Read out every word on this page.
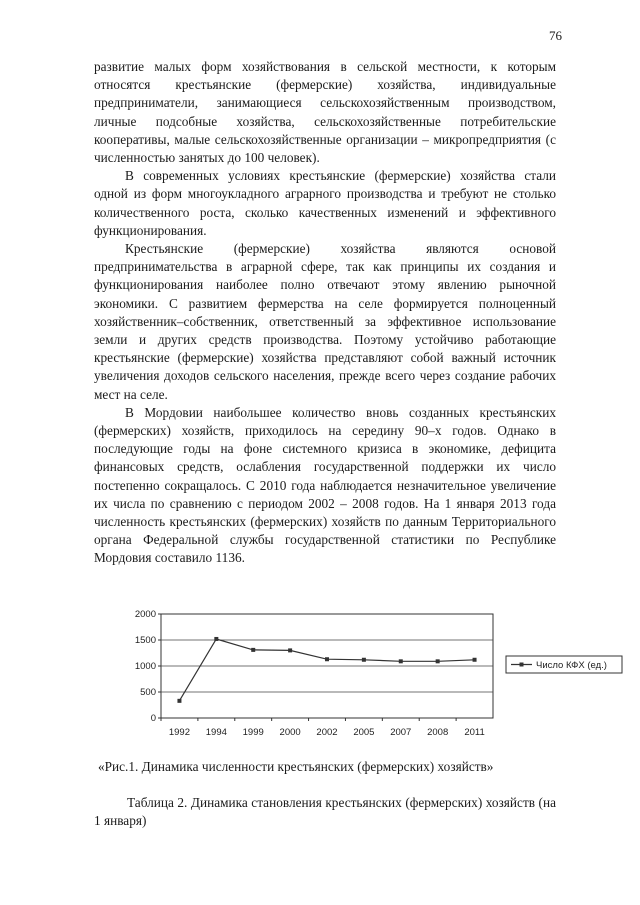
76

развитие малых форм хозяйствования в сельской местности, к которым относятся крестьянские (фермерские) хозяйства, индивидуальные предприниматели, занимающиеся сельскохозяйственным производством, личные подсобные хозяйства, сельскохозяйственные потребительские кооперативы, малые сельскохозяйственные организации – микропредприятия (с численностью занятых до 100 человек).

В современных условиях крестьянские (фермерские) хозяйства стали одной из форм многоукладного аграрного производства и требуют не столько количественного роста, сколько качественных изменений и эффективного функционирования.

Крестьянские (фермерские) хозяйства являются основой предпринимательства в аграрной сфере, так как принципы их создания и функционирования наиболее полно отвечают этому явлению рыночной экономики. С развитием фермерства на селе формируется полноценный хозяйственник–собственник, ответственный за эффективное использование земли и других средств производства. Поэтому устойчиво работающие крестьянские (фермерские) хозяйства представляют собой важный источник увеличения доходов сельского населения, прежде всего через создание рабочих мест на селе.

В Мордовии наибольшее количество вновь созданных крестьянских (фермерских) хозяйств, приходилось на середину 90–х годов. Однако в последующие годы на фоне системного кризиса в экономике, дефицита финансовых средств, ослабления государственной поддержки их число постепенно сокращалось. С 2010 года наблюдается незначительное увеличение их числа по сравнению с периодом 2002 – 2008 годов. На 1 января 2013 года численность крестьянских (фермерских) хозяйств по данным Территориального органа Федеральной службы государственной статистики по Республике Мордовия составило 1136.

0
500
1000
1500
2000
1992 1994 1999 2000 2002 2005 2007 2008 2011
Число КФХ (ед.)
«Рис.1. Динамика численности крестьянских (фермерских) хозяйств»
Таблица 2. Динамика становления крестьянских (фермерских) хозяйств (на 1 января)
